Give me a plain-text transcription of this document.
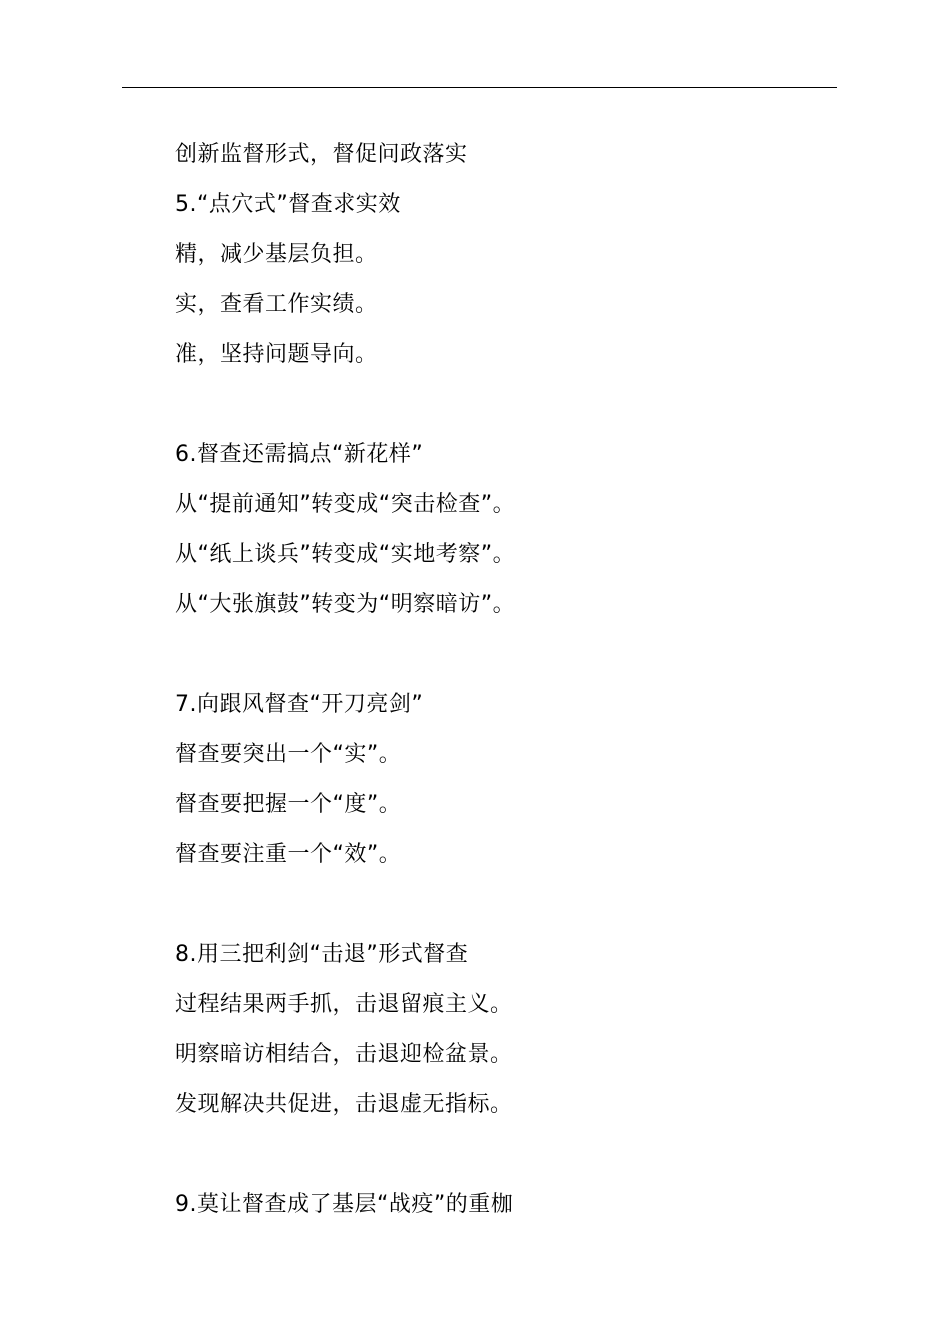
创新监督形式，督促问政落实
5.“点穴式”督查求实效
精，减少基层负担。
实，查看工作实绩。
准，坚持问题导向。
6.督查还需搞点“新花样”
从“提前通知”转变成“突击检查”。
从“纸上谈兵”转变成“实地考察”。
从“大张旗鼓”转变为“明察暗访”。
7.向跟风督查“开刀亮剑”
督查要突出一个“实”。
督查要把握一个“度”。
督查要注重一个“效”。
8.用三把利剑“击退”形式督查
过程结果两手抓，击退留痕主义。
明察暗访相结合，击退迎检盆景。
发现解决共促进，击退虚无指标。
9.莫让督查成了基层“战疫”的重枷
